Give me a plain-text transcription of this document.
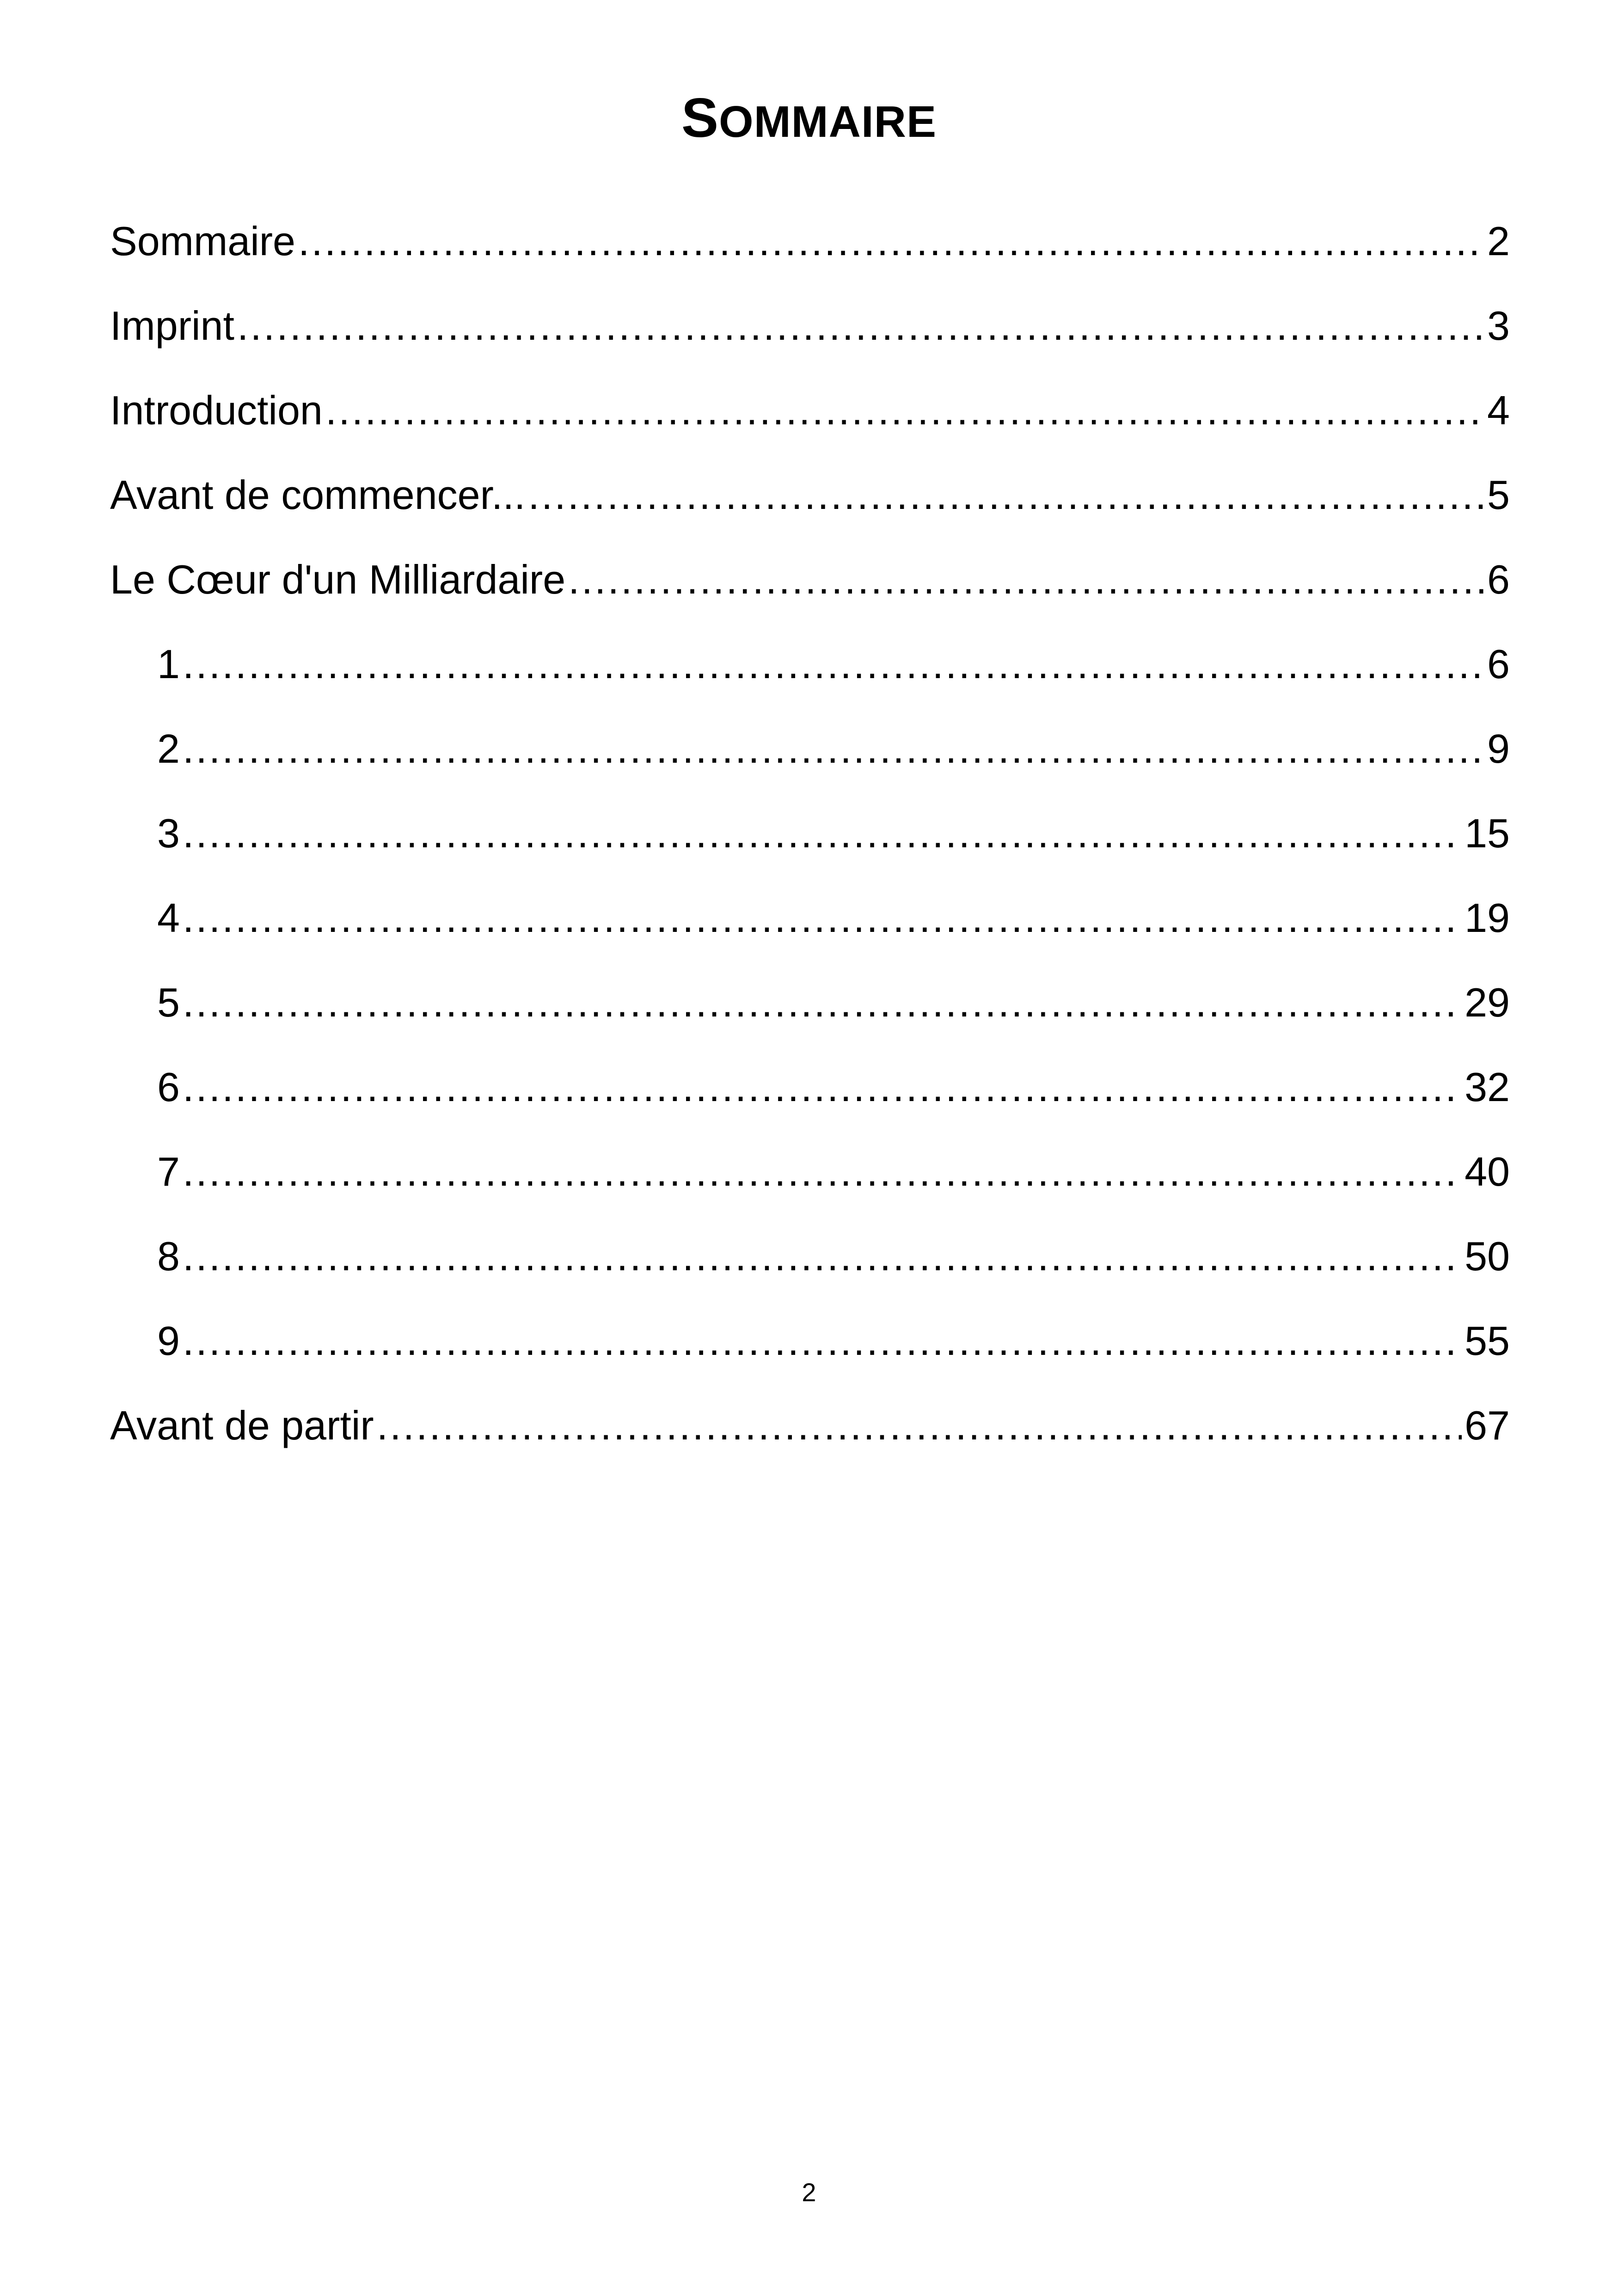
SOMMAIRE
Sommaire .....	2
Imprint .....	3
Introduction .....	4
Avant de commencer... .....	5
Le Cœur d'un Milliardaire .....	6
1 .....	6
2 .....	9
3 .....	15
4 .....	19
5 .....	29
6 .....	32
7 .....	40
8 .....	50
9 .....	55
Avant de partir .....	67
2
